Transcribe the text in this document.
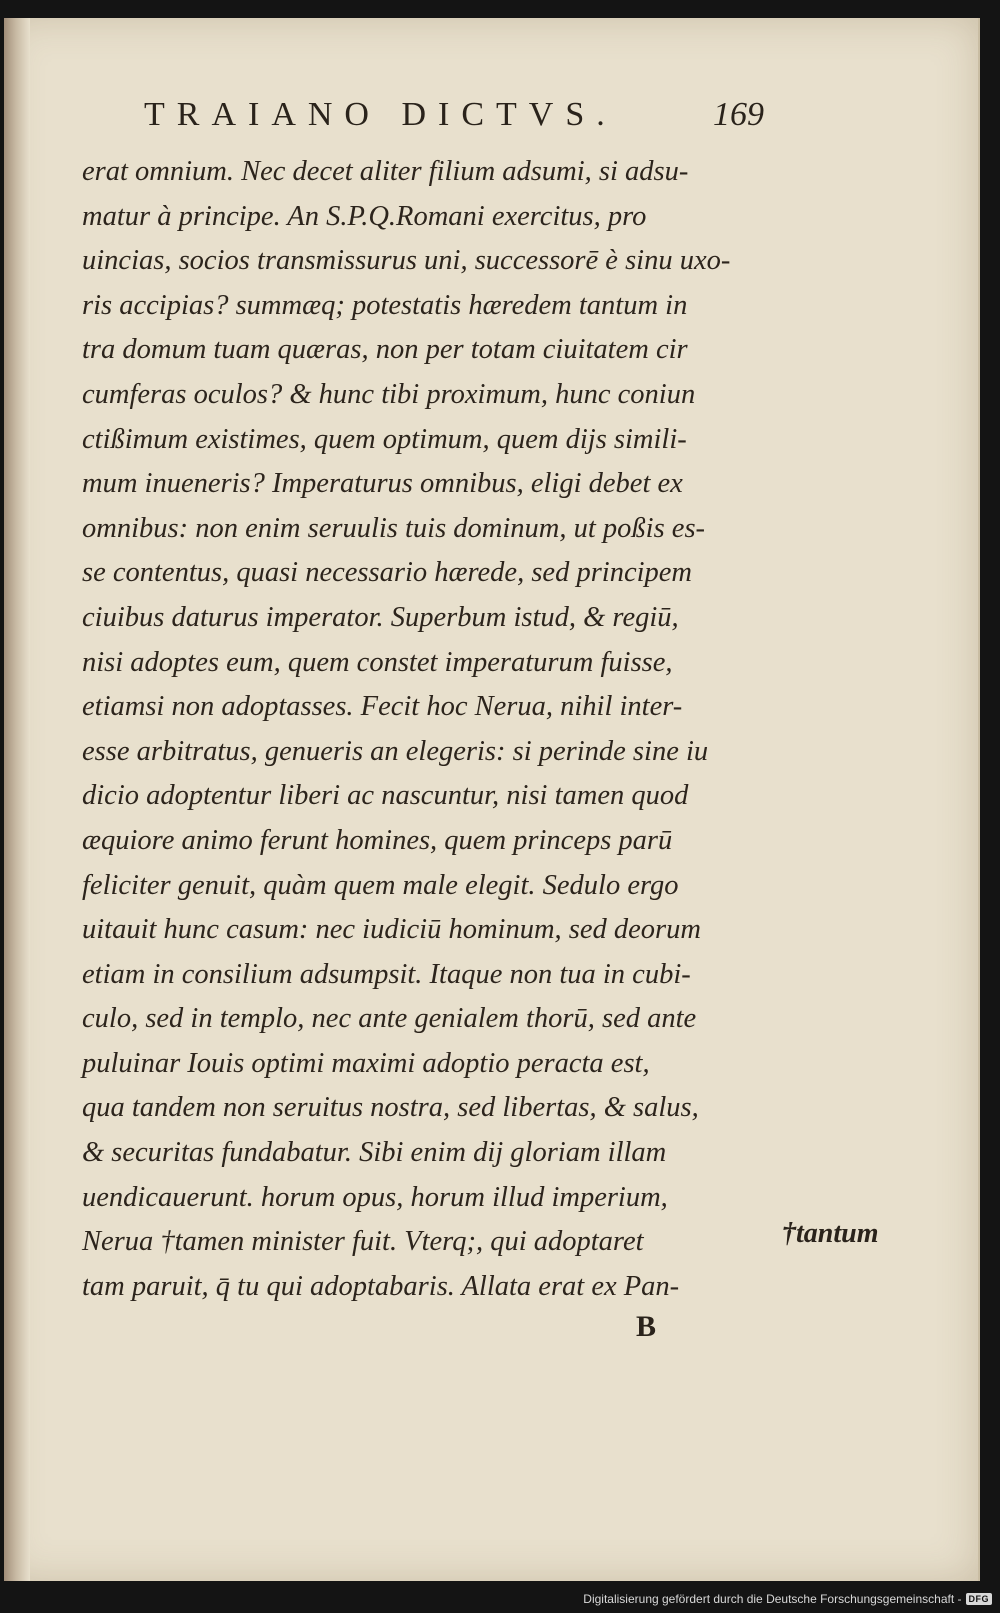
TRAIANO DICTVS.	169
erat omnium. Nec decet aliter filium adsumi, si adsu-
matur à principe. An S.P.Q.Romani exercitus, pro
uincias, socios transmissurus uni, successorē è sinu uxo-
ris accipias? summæq; potestatis hæredem tantum in
tra domum tuam quæras, non per totam ciuitatem cir
cumferas oculos? & hunc tibi proximum, hunc coniun
ctißimum existimes, quem optimum, quem dijs simili-
mum inueneris? Imperaturus omnibus, eligi debet ex
omnibus: non enim seruulis tuis dominum, ut poßis es-
se contentus, quasi necessario hærede, sed principem
ciuibus daturus imperator. Superbum istud, & regiū,
nisi adoptes eum, quem constet imperaturum fuisse,
etiamsi non adoptasses. Fecit hoc Nerua, nihil inter-
esse arbitratus, genueris an elegeris: si perinde sine iu
dicio adoptentur liberi ac nascuntur, nisi tamen quod
æquiore animo ferunt homines, quem princeps parū
feliciter genuit, quàm quem male elegit. Sedulo ergo
uitauit hunc casum: nec iudiciū hominum, sed deorum
etiam in consilium adsumpsit. Itaque non tua in cubi-
culo, sed in templo, nec ante genialem thorū, sed ante
puluinar Iouis optimi maximi adoptio peracta est,
qua tandem non seruitus nostra, sed libertas, & salus,
& securitas fundabatur. Sibi enim dij gloriam illam
uendicauerunt. horum opus, horum illud imperium,
Nerua †tamen minister fuit. Vterq;, qui adoptaret
tam paruit, q̄ tu qui adoptabaris. Allata erat ex Pan-
†tantum
B
Digitalisierung gefördert durch die Deutsche Forschungsgemeinschaft - DFG
